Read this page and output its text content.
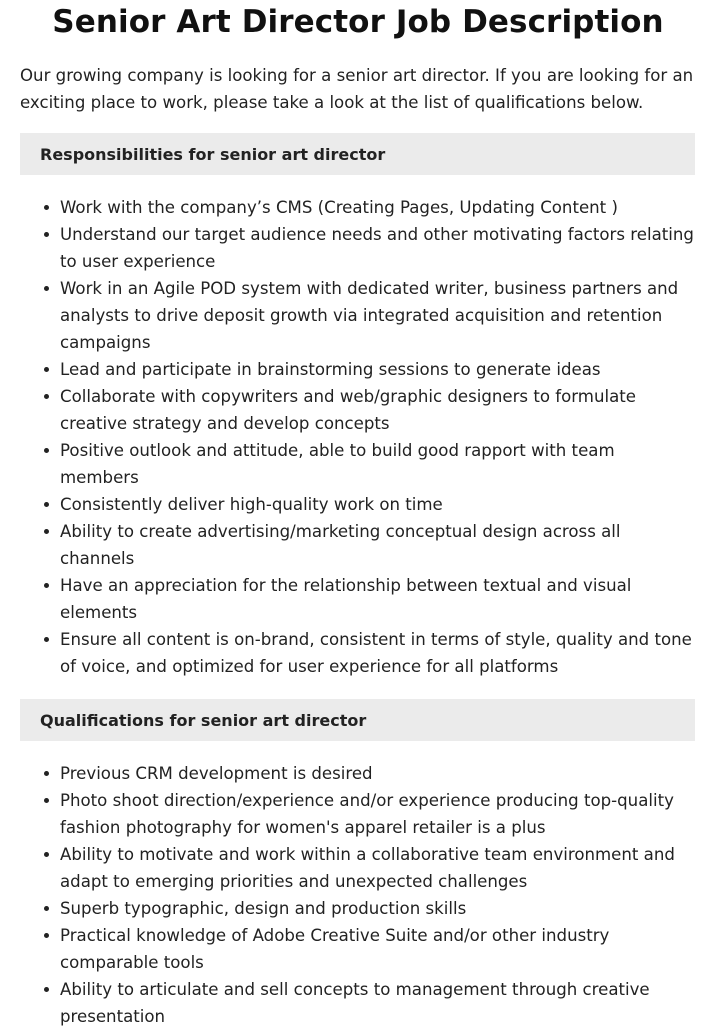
Senior Art Director Job Description

Our growing company is looking for a senior art director. If you are looking for an exciting place to work, please take a look at the list of qualifications below.

Responsibilities for senior art director
Work with the company’s CMS (Creating Pages, Updating Content )
Understand our target audience needs and other motivating factors relating to user experience
Work in an Agile POD system with dedicated writer, business partners and analysts to drive deposit growth via integrated acquisition and retention campaigns
Lead and participate in brainstorming sessions to generate ideas
Collaborate with copywriters and web/graphic designers to formulate creative strategy and develop concepts
Positive outlook and attitude, able to build good rapport with team members
Consistently deliver high-quality work on time
Ability to create advertising/marketing conceptual design across all channels
Have an appreciation for the relationship between textual and visual elements
Ensure all content is on-brand, consistent in terms of style, quality and tone of voice, and optimized for user experience for all platforms
Qualifications for senior art director
Previous CRM development is desired
Photo shoot direction/experience and/or experience producing top-quality fashion photography for women's apparel retailer is a plus
Ability to motivate and work within a collaborative team environment and adapt to emerging priorities and unexpected challenges
Superb typographic, design and production skills
Practical knowledge of Adobe Creative Suite and/or other industry comparable tools
Ability to articulate and sell concepts to management through creative presentation
